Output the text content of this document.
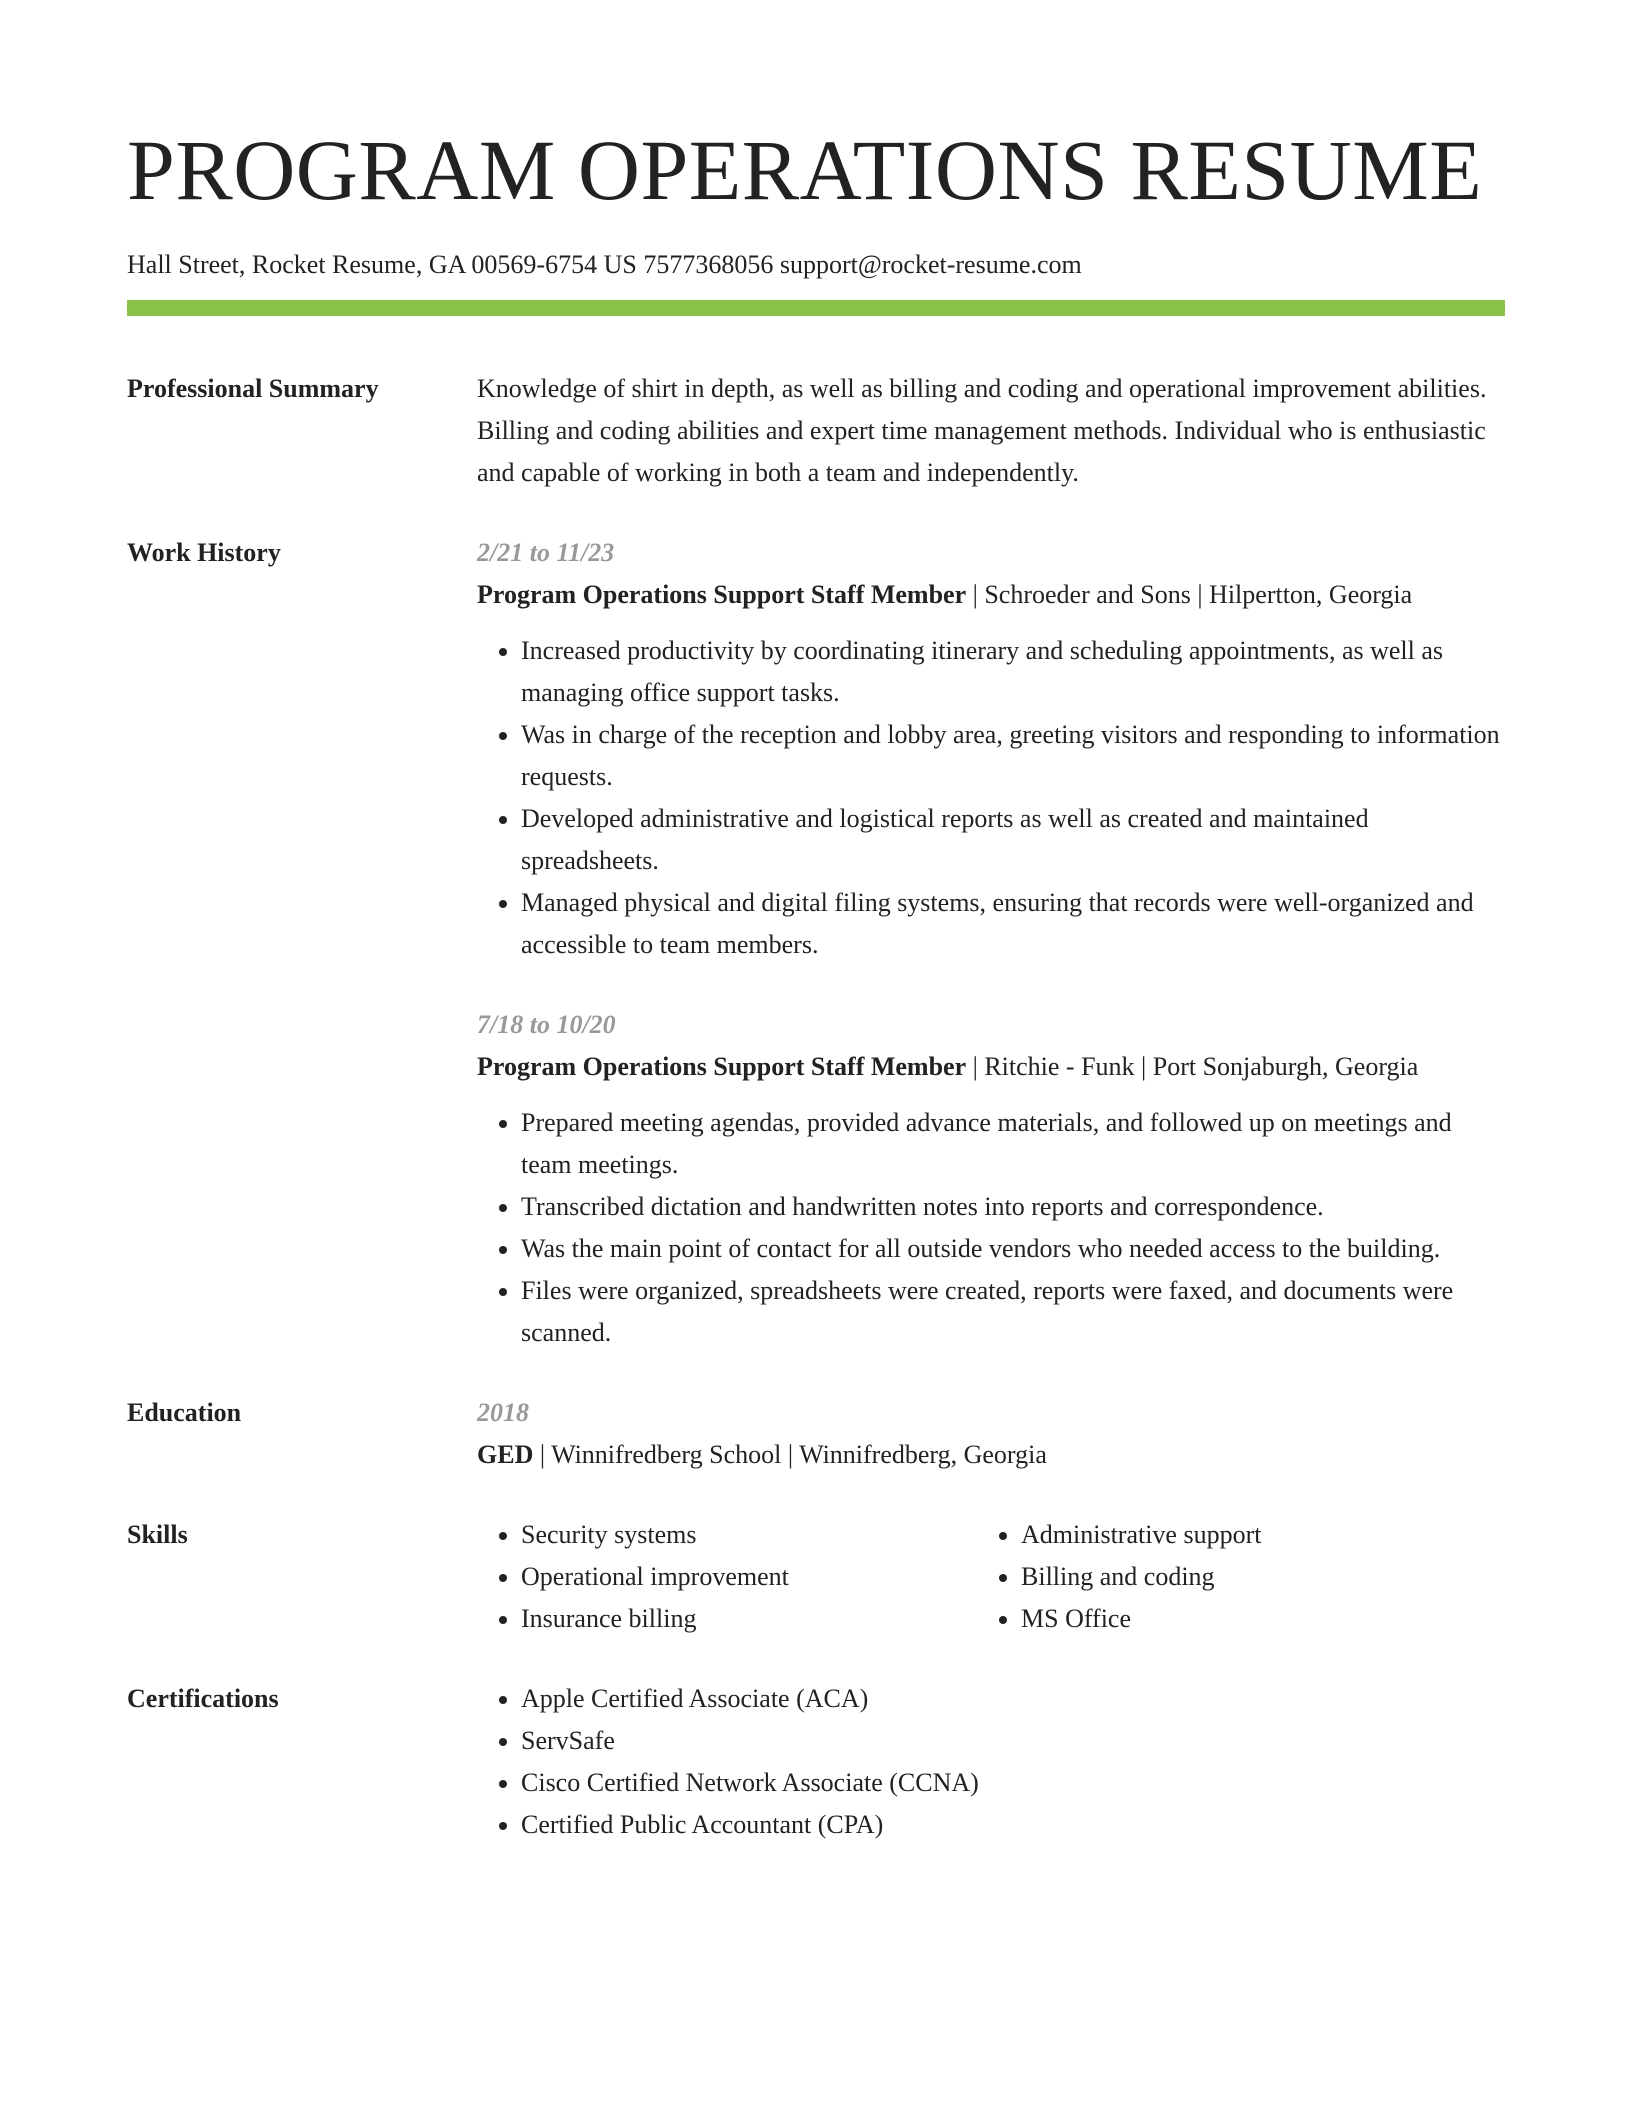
PROGRAM OPERATIONS RESUME
Hall Street, Rocket Resume, GA 00569-6754 US 7577368056 support@rocket-resume.com
Professional Summary	Knowledge of shirt in depth, as well as billing and coding and operational improvement abilities. Billing and coding abilities and expert time management methods. Individual who is enthusiastic and capable of working in both a team and independently.

Work History	2/21 to 11/23
Program Operations Support Staff Member | Schroeder and Sons | Hilpertton, Georgia
• Increased productivity by coordinating itinerary and scheduling appointments, as well as managing office support tasks.
• Was in charge of the reception and lobby area, greeting visitors and responding to information requests.
• Developed administrative and logistical reports as well as created and maintained spreadsheets.
• Managed physical and digital filing systems, ensuring that records were well-organized and accessible to team members.
7/18 to 10/20
Program Operations Support Staff Member | Ritchie - Funk | Port Sonjaburgh, Georgia
• Prepared meeting agendas, provided advance materials, and followed up on meetings and team meetings.
• Transcribed dictation and handwritten notes into reports and correspondence.
• Was the main point of contact for all outside vendors who needed access to the building.
• Files were organized, spreadsheets were created, reports were faxed, and documents were scanned.
Education	2018
GED | Winnifredberg School | Winnifredberg, Georgia
Skills	• Security systems
• Operational improvement
• Insurance billing
• Administrative support
• Billing and coding
• MS Office
Certifications	• Apple Certified Associate (ACA)
• ServSafe
• Cisco Certified Network Associate (CCNA)
• Certified Public Accountant (CPA)
